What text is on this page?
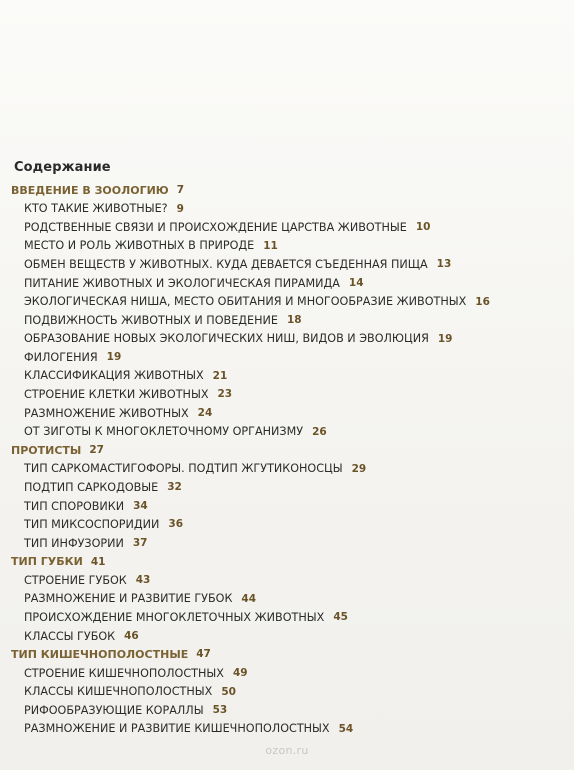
Содержание
ВВЕДЕНИЕ В ЗООЛОГИЮ 7
КТО ТАКИЕ ЖИВОТНЫЕ? 9
РОДСТВЕННЫЕ СВЯЗИ И ПРОИСХОЖДЕНИЕ ЦАРСТВА ЖИВОТНЫЕ 10
МЕСТО И РОЛЬ ЖИВОТНЫХ В ПРИРОДЕ 11
ОБМЕН ВЕЩЕСТВ У ЖИВОТНЫХ. КУДА ДЕВАЕТСЯ СЪЕДЕННАЯ ПИЩА 13
ПИТАНИЕ ЖИВОТНЫХ И ЭКОЛОГИЧЕСКАЯ ПИРАМИДА 14
ЭКОЛОГИЧЕСКАЯ НИША, МЕСТО ОБИТАНИЯ И МНОГООБРАЗИЕ ЖИВОТНЫХ 16
ПОДВИЖНОСТЬ ЖИВОТНЫХ И ПОВЕДЕНИЕ 18
ОБРАЗОВАНИЕ НОВЫХ ЭКОЛОГИЧЕСКИХ НИШ, ВИДОВ И ЭВОЛЮЦИЯ 19
ФИЛОГЕНИЯ 19
КЛАССИФИКАЦИЯ ЖИВОТНЫХ 21
СТРОЕНИЕ КЛЕТКИ ЖИВОТНЫХ 23
РАЗМНОЖЕНИЕ ЖИВОТНЫХ 24
ОТ ЗИГОТЫ К МНОГОКЛЕТОЧНОМУ ОРГАНИЗМУ 26
ПРОТИСТЫ 27
ТИП САРКОМАСТИГОФОРЫ. ПОДТИП ЖГУТИКОНОСЦЫ 29
ПОДТИП САРКОДОВЫЕ 32
ТИП СПОРОВИКИ 34
ТИП МИКСОСПОРИДИИ 36
ТИП ИНФУЗОРИИ 37
ТИП ГУБКИ 41
СТРОЕНИЕ ГУБОК 43
РАЗМНОЖЕНИЕ И РАЗВИТИЕ ГУБОК 44
ПРОИСХОЖДЕНИЕ МНОГОКЛЕТОЧНЫХ ЖИВОТНЫХ 45
КЛАССЫ ГУБОК 46
ТИП КИШЕЧНОПОЛОСТНЫЕ 47
СТРОЕНИЕ КИШЕЧНОПОЛОСТНЫХ 49
КЛАССЫ КИШЕЧНОПОЛОСТНЫХ 50
РИФООБРАЗУЮЩИЕ КОРАЛЛЫ 53
РАЗМНОЖЕНИЕ И РАЗВИТИЕ КИШЕЧНОПОЛОСТНЫХ 54
ozon.ru
